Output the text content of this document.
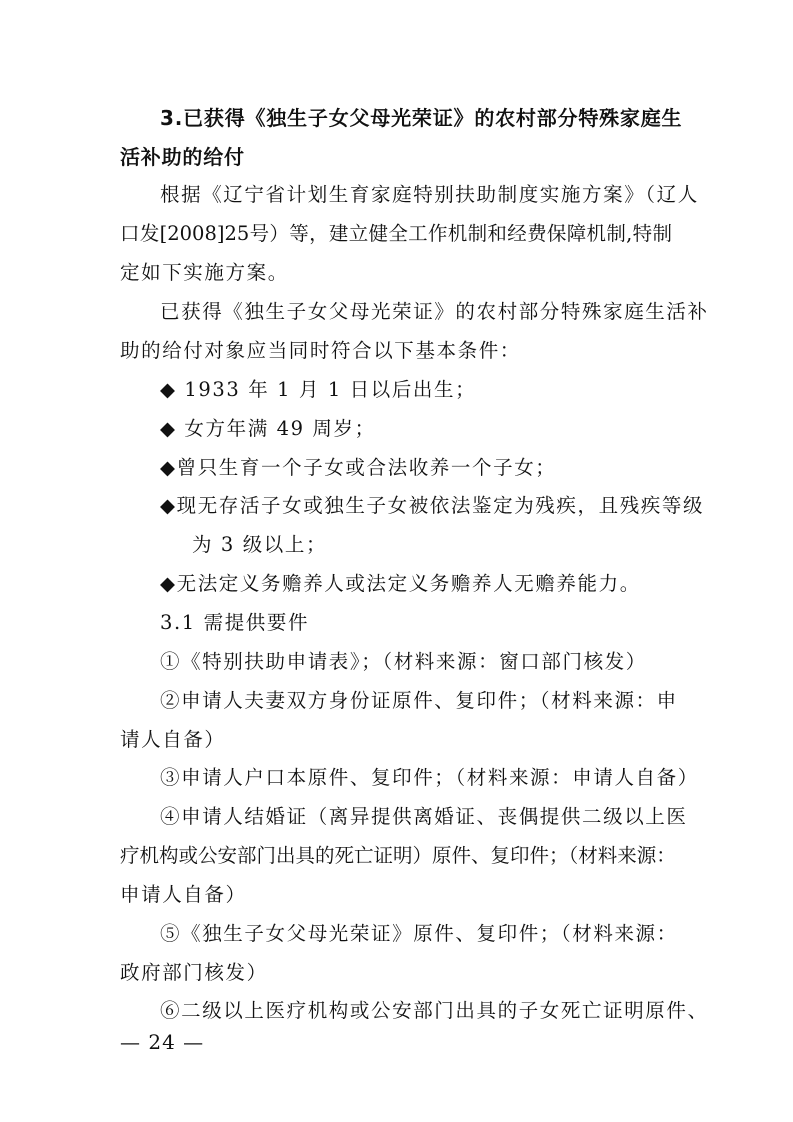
3.已获得《独生子女父母光荣证》的农村部分特殊家庭生
活补助的给付
根据《辽宁省计划生育家庭特别扶助制度实施方案》（辽人
口发[2008]25号）等，建立健全工作机制和经费保障机制,特制
定如下实施方案。
已获得《独生子女父母光荣证》的农村部分特殊家庭生活补
助的给付对象应当同时符合以下基本条件：
◆ 1933 年 1 月 1 日以后出生；
◆ 女方年满 49 周岁；
◆曾只生育一个子女或合法收养一个子女；
◆现无存活子女或独生子女被依法鉴定为残疾，且残疾等级
为 3 级以上；
◆无法定义务赡养人或法定义务赡养人无赡养能力。
3.1 需提供要件
①《特别扶助申请表》；（材料来源：窗口部门核发）
②申请人夫妻双方身份证原件、复印件；（材料来源：申
请人自备）
③申请人户口本原件、复印件；（材料来源：申请人自备）
④申请人结婚证（离异提供离婚证、丧偶提供二级以上医
疗机构或公安部门出具的死亡证明）原件、复印件；（材料来源：
申请人自备）
⑤《独生子女父母光荣证》原件、复印件；（材料来源：
政府部门核发）
⑥二级以上医疗机构或公安部门出具的子女死亡证明原件、
— 24 —
